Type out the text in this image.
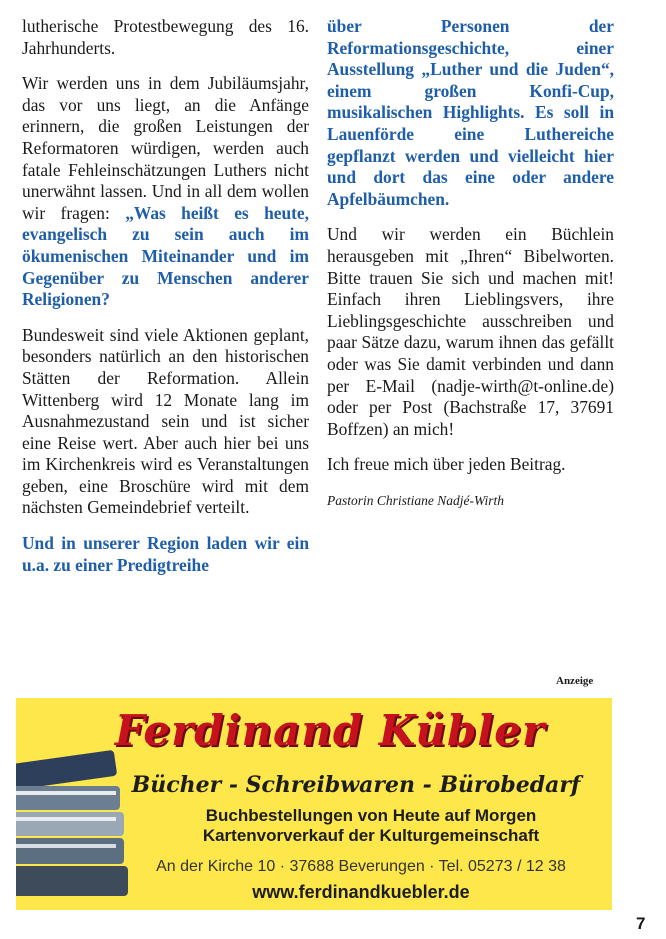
lutherische Protestbewegung des 16. Jahrhunderts.

Wir werden uns in dem Jubiläumsjahr, das vor uns liegt, an die Anfänge erinnern, die großen Leistungen der Reformatoren würdigen, werden auch fatale Fehleinschätzungen Luthers nicht unerwähnt lassen. Und in all dem wollen wir fragen: „Was heißt es heute, evangelisch zu sein auch im ökumenischen Miteinander und im Gegenüber zu Menschen anderer Religionen?

Bundesweit sind viele Aktionen geplant, besonders natürlich an den historischen Stätten der Reformation. Allein Wittenberg wird 12 Monate lang im Ausnahmezustand sein und ist sicher eine Reise wert. Aber auch hier bei uns im Kirchenkreis wird es Veranstaltungen geben, eine Broschüre wird mit dem nächsten Gemeindebrief verteilt.

Und in unserer Region laden wir ein u.a. zu einer Predigtreihe

über Personen der Reformationsgeschichte, einer Ausstellung „Luther und die Juden“, einem großen Konfi-Cup, musikalischen Highlights. Es soll in Lauenförde eine Luthereiche gepflanzt werden und vielleicht hier und dort das eine oder andere Apfelbäumchen.

Und wir werden ein Büchlein herausgeben mit „Ihren“ Bibelworten. Bitte trauen Sie sich und machen mit! Einfach ihren Lieblingsvers, ihre Lieblingsgeschichte ausschreiben und paar Sätze dazu, warum ihnen das gefällt oder was Sie damit verbinden und dann per E-Mail (nadje-wirth@t-online.de) oder per Post (Bachstraße 17, 37691 Boffzen) an mich!

Ich freue mich über jeden Beitrag.

Pastorin Christiane Nadjé-Wirth

Anzeige
Ferdinand Kübler
Bücher - Schreibwaren - Bürobedarf
Buchbestellungen von Heute auf Morgen
Kartenvorverkauf der Kulturgemeinschaft
An der Kirche 10 · 37688 Beverungen · Tel. 05273 / 12 38
www.ferdinandkuebler.de
7
